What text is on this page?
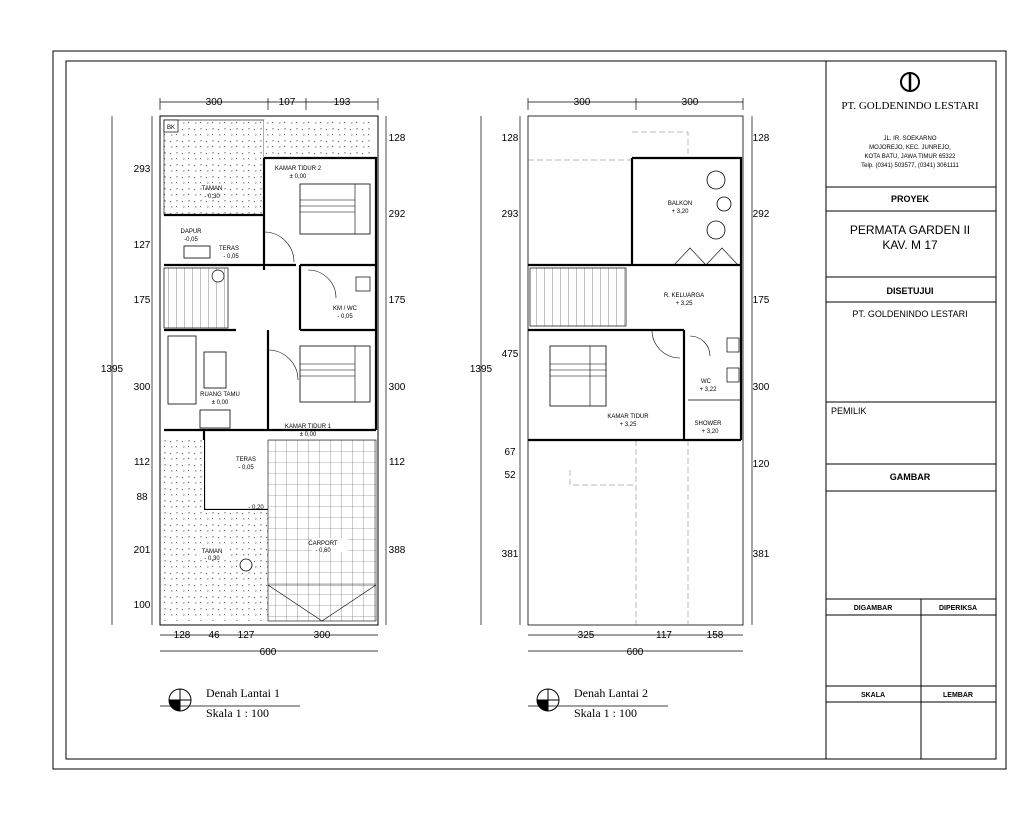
PT. GOLDENINDO LESTARI
JL. IR. SOEKARNO
MOJOREJO, KEC. JUNREJO,
KOTA BATU, JAWA TIMUR 65322
Telp. (0341) 503577, (0341) 3061111
PROYEK
PERMATA GARDEN II
KAV. M 17
DISETUJUI
PT. GOLDENINDO LESTARI
PEMILIK
GAMBAR
DIGAMBAR	DIPERIKSA
SKALA	LEMBAR
300	107	193
1395
293
127
175
300
112
88
201
100
128
292
175
300
112
388
BK
TAMAN
- 0,30
KAMAR TIDUR 2
± 0,00
DAPUR
-0,05
TERAS
- 0,05
KM / WC
- 0,05
RUANG TAMU
± 0,00
KAMAR TIDUR 1
± 0,00
TERAS
- 0,05
- 0,20
CARPORT
- 0,60
TAMAN
- 0,30
128 46 127	300
600
Denah Lantai 1
Skala 1 : 100
300	300
1395
128
293
475
67
52
381
128
292
175
300
120
381
BALKON
+ 3,20
R. KELUARGA
+ 3,25
WC
+ 3,22
SHOWER
+ 3,20
KAMAR TIDUR
+ 3,25
325	117	158
600
Denah Lantai 2
Skala 1 : 100
